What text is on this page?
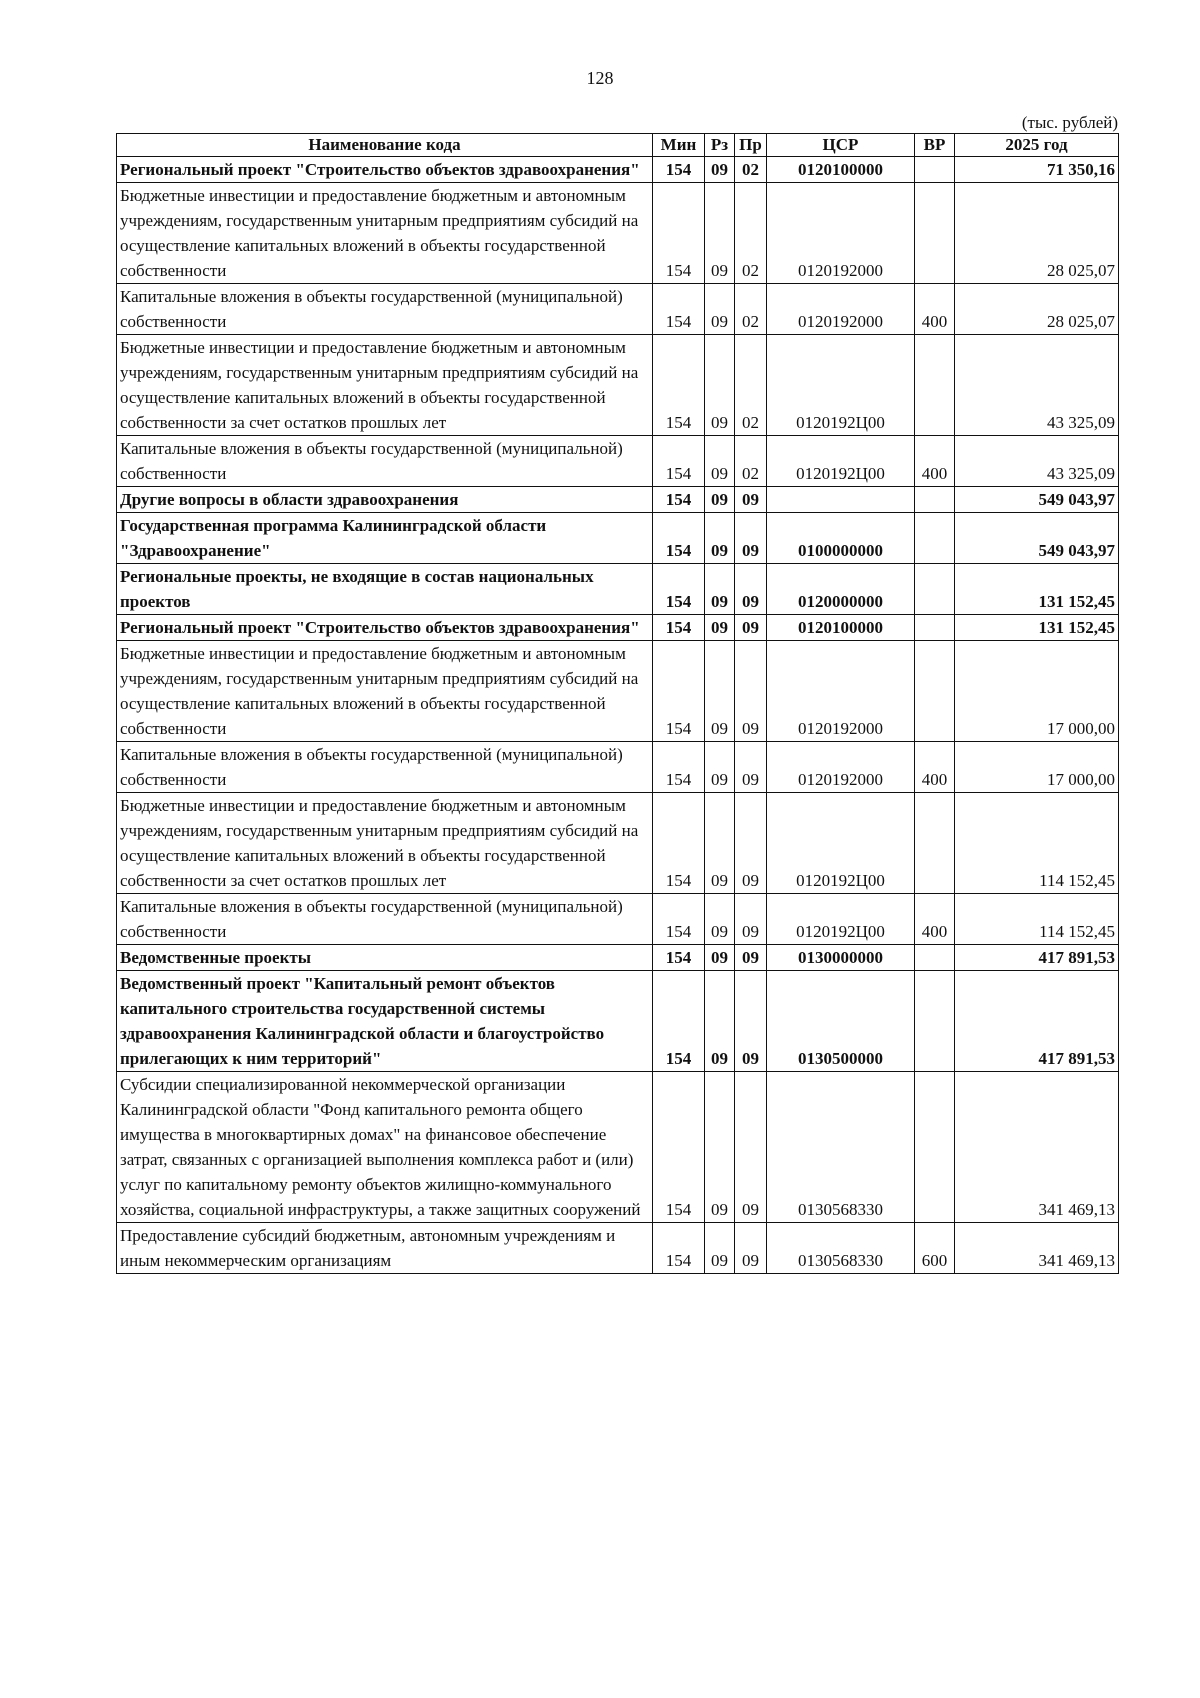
128
(тыс. рублей)
Наименование кода	Мин	Рз	Пр	ЦСР	ВР	2025 год
Региональный проект "Строительство объектов здравоохранения"	154	09	02	0120100000		71 350,16
Бюджетные инвестиции и предоставление бюджетным и автономным учреждениям, государственным унитарным предприятиям субсидий на осуществление капитальных вложений в объекты государственной собственности	154	09	02	0120192000		28 025,07
Капитальные вложения в объекты государственной (муниципальной) собственности	154	09	02	0120192000	400	28 025,07
Бюджетные инвестиции и предоставление бюджетным и автономным учреждениям, государственным унитарным предприятиям субсидий на осуществление капитальных вложений в объекты государственной собственности за счет остатков прошлых лет	154	09	02	0120192Ц00		43 325,09
Капитальные вложения в объекты государственной (муниципальной) собственности	154	09	02	0120192Ц00	400	43 325,09
Другие вопросы в области здравоохранения	154	09	09			549 043,97
Государственная программа Калининградской области "Здравоохранение"	154	09	09	0100000000		549 043,97
Региональные проекты, не входящие в состав национальных проектов	154	09	09	0120000000		131 152,45
Региональный проект "Строительство объектов здравоохранения"	154	09	09	0120100000		131 152,45
Бюджетные инвестиции и предоставление бюджетным и автономным учреждениям, государственным унитарным предприятиям субсидий на осуществление капитальных вложений в объекты государственной собственности	154	09	09	0120192000		17 000,00
Капитальные вложения в объекты государственной (муниципальной) собственности	154	09	09	0120192000	400	17 000,00
Бюджетные инвестиции и предоставление бюджетным и автономным учреждениям, государственным унитарным предприятиям субсидий на осуществление капитальных вложений в объекты государственной собственности за счет остатков прошлых лет	154	09	09	0120192Ц00		114 152,45
Капитальные вложения в объекты государственной (муниципальной) собственности	154	09	09	0120192Ц00	400	114 152,45
Ведомственные проекты	154	09	09	0130000000		417 891,53
Ведомственный проект "Капитальный ремонт объектов капитального строительства государственной системы здравоохранения Калининградской области и благоустройство прилегающих к ним территорий"	154	09	09	0130500000		417 891,53
Субсидии специализированной некоммерческой организации Калининградской области "Фонд капитального ремонта общего имущества в многоквартирных домах" на финансовое обеспечение затрат, связанных с организацией выполнения комплекса работ и (или) услуг по капитальному ремонту объектов жилищно-коммунального хозяйства, социальной инфраструктуры, а также защитных сооружений	154	09	09	0130568330		341 469,13
Предоставление субсидий бюджетным, автономным учреждениям и иным некоммерческим организациям	154	09	09	0130568330	600	341 469,13
